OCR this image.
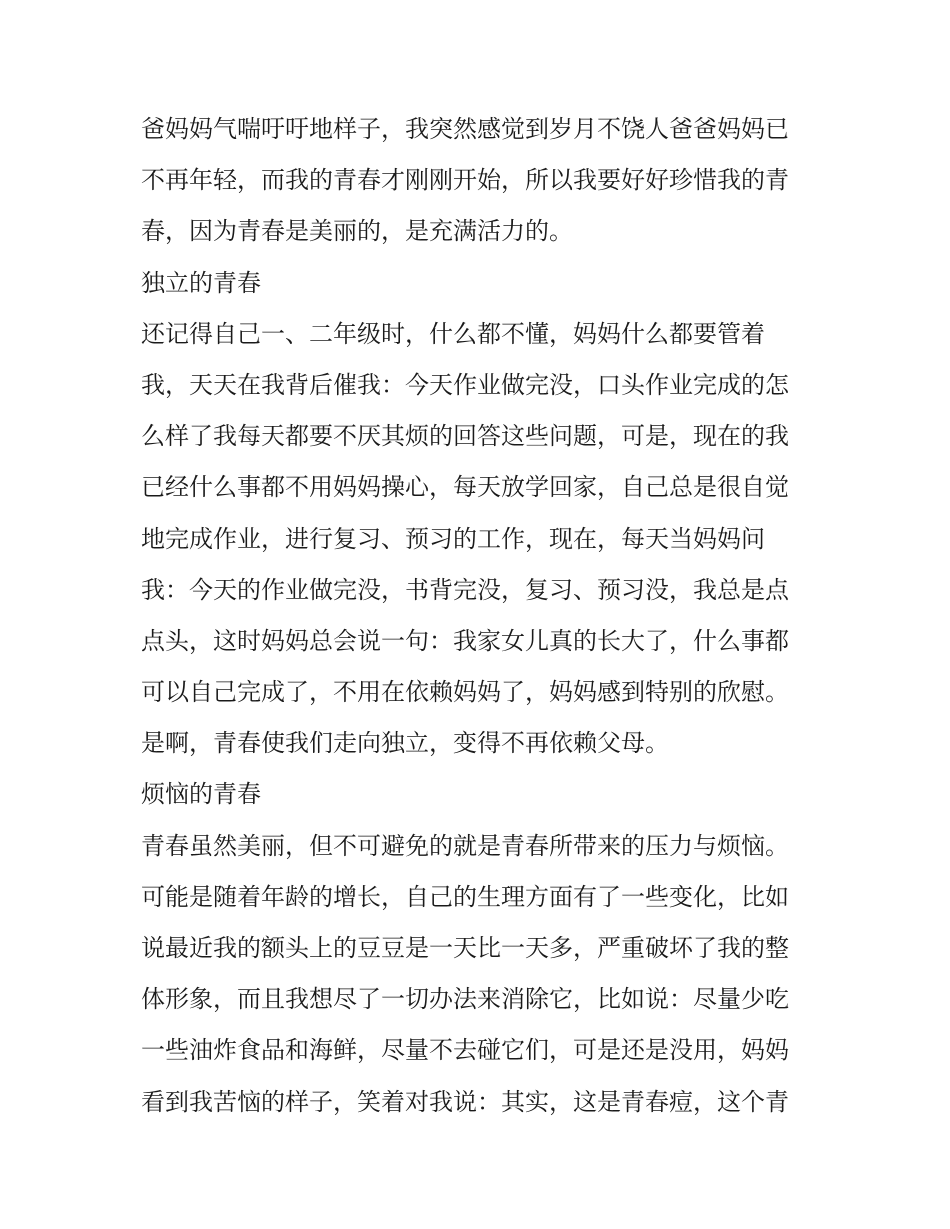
爸妈妈气喘吁吁地样子，我突然感觉到岁月不饶人爸爸妈妈已
不再年轻，而我的青春才刚刚开始，所以我要好好珍惜我的青
春，因为青春是美丽的，是充满活力的。
独立的青春
还记得自己一、二年级时，什么都不懂，妈妈什么都要管着
我，天天在我背后催我：今天作业做完没，口头作业完成的怎
么样了我每天都要不厌其烦的回答这些问题，可是，现在的我
已经什么事都不用妈妈操心，每天放学回家，自己总是很自觉
地完成作业，进行复习、预习的工作，现在，每天当妈妈问
我：今天的作业做完没，书背完没，复习、预习没，我总是点
点头，这时妈妈总会说一句：我家女儿真的长大了，什么事都
可以自己完成了，不用在依赖妈妈了，妈妈感到特别的欣慰。
是啊，青春使我们走向独立，变得不再依赖父母。
烦恼的青春
青春虽然美丽，但不可避免的就是青春所带来的压力与烦恼。
可能是随着年龄的增长，自己的生理方面有了一些变化，比如
说最近我的额头上的豆豆是一天比一天多，严重破坏了我的整
体形象，而且我想尽了一切办法来消除它，比如说：尽量少吃
一些油炸食品和海鲜，尽量不去碰它们，可是还是没用，妈妈
看到我苦恼的样子，笑着对我说：其实，这是青春痘，这个青
